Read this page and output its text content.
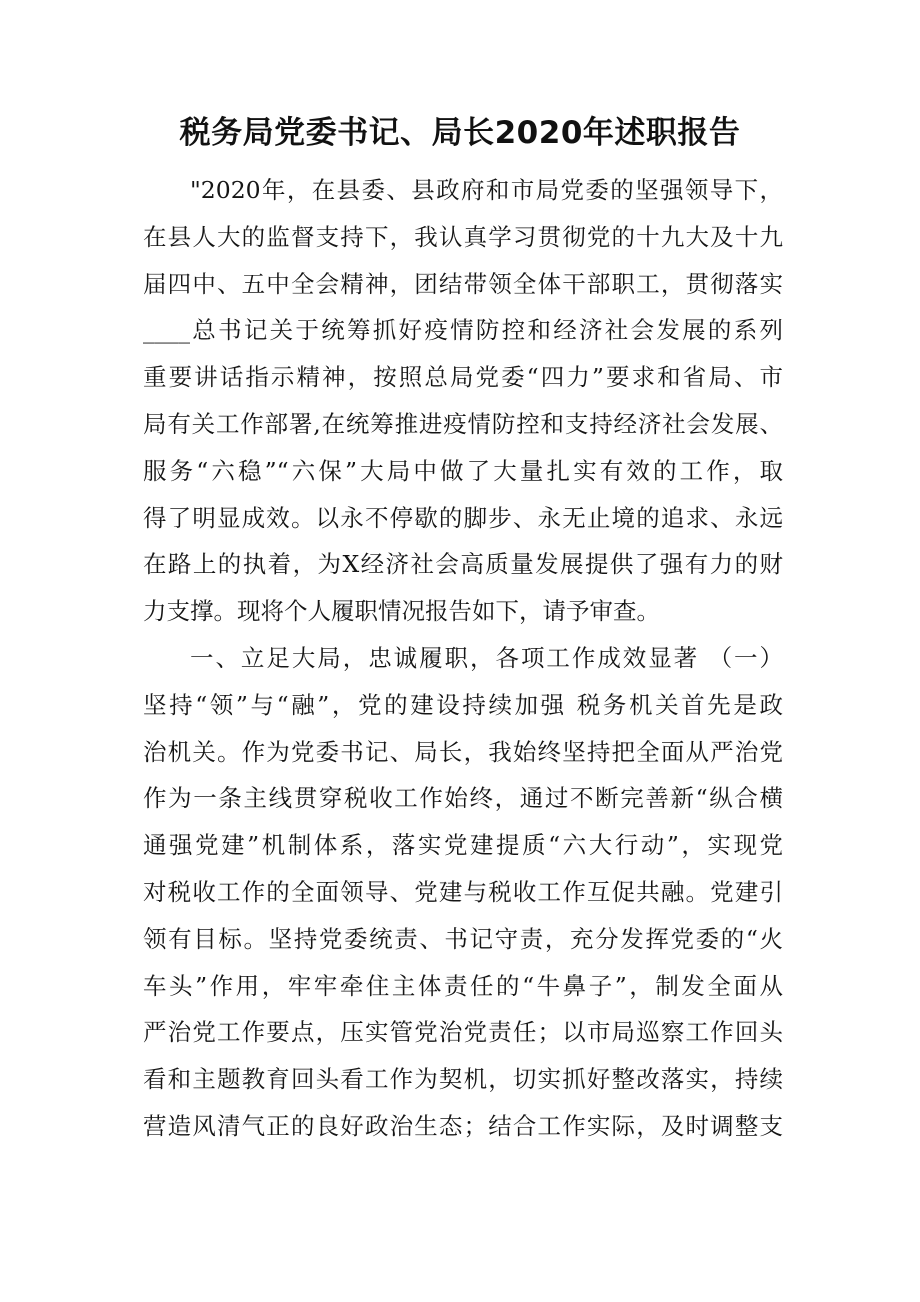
税务局党委书记、局长2020年述职报告
"2020年，在县委、县政府和市局党委的坚强领导下，
在县人大的监督支持下，我认真学习贯彻党的十九大及十九
届四中、五中全会精神，团结带领全体干部职工，贯彻落实
____总书记关于统筹抓好疫情防控和经济社会发展的系列
重要讲话指示精神，按照总局党委“四力”要求和省局、市
局有关工作部署,在统筹推进疫情防控和支持经济社会发展、
服务“六稳”“六保”大局中做了大量扎实有效的工作，取
得了明显成效。以永不停歇的脚步、永无止境的追求、永远
在路上的执着，为X经济社会高质量发展提供了强有力的财
力支撑。现将个人履职情况报告如下，请予审查。
一、立足大局，忠诚履职，各项工作成效显著 （一）
坚持“领”与“融”，党的建设持续加强 税务机关首先是政
治机关。作为党委书记、局长，我始终坚持把全面从严治党
作为一条主线贯穿税收工作始终，通过不断完善新“纵合横
通强党建”机制体系，落实党建提质“六大行动”，实现党
对税收工作的全面领导、党建与税收工作互促共融。党建引
领有目标。坚持党委统责、书记守责，充分发挥党委的“火
车头”作用，牢牢牵住主体责任的“牛鼻子”，制发全面从
严治党工作要点，压实管党治党责任；以市局巡察工作回头
看和主题教育回头看工作为契机，切实抓好整改落实，持续
营造风清气正的良好政治生态；结合工作实际，及时调整支
